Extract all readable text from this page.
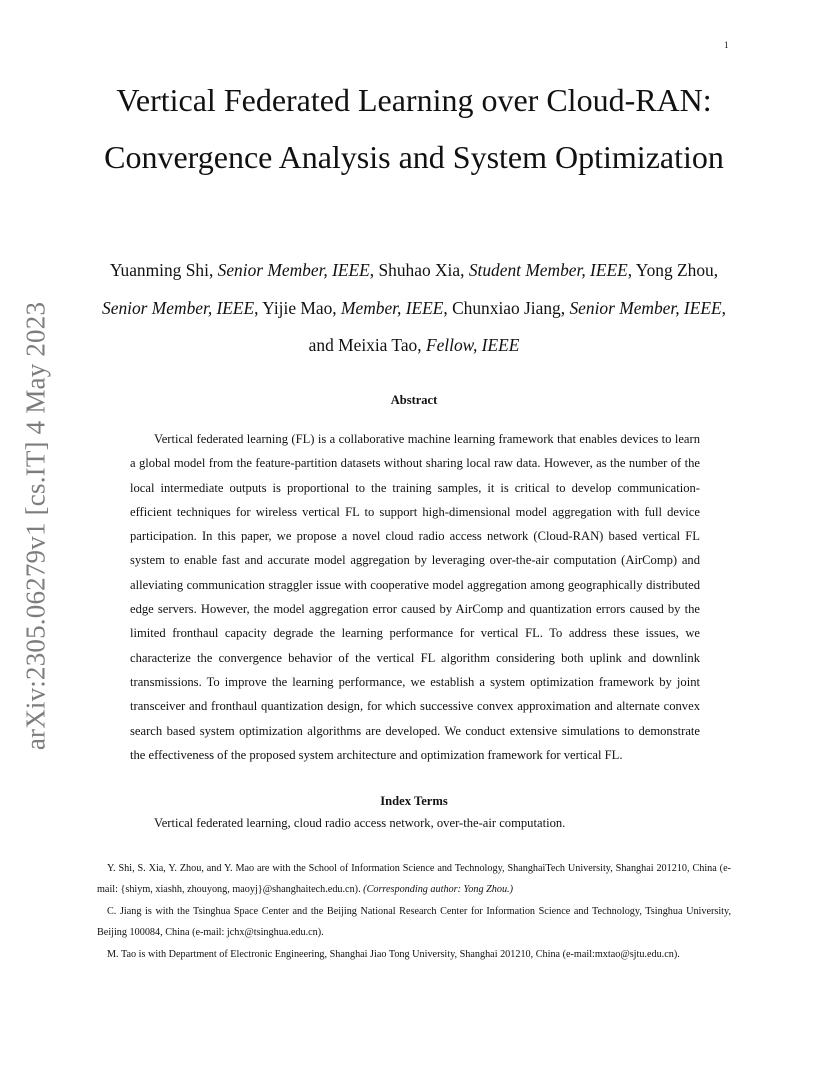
1
arXiv:2305.06279v1 [cs.IT] 4 May 2023
Vertical Federated Learning over Cloud-RAN: Convergence Analysis and System Optimization

Yuanming Shi, Senior Member, IEEE, Shuhao Xia, Student Member, IEEE, Yong Zhou, Senior Member, IEEE, Yijie Mao, Member, IEEE, Chunxiao Jiang, Senior Member, IEEE, and Meixia Tao, Fellow, IEEE

Abstract

Vertical federated learning (FL) is a collaborative machine learning framework that enables devices to learn a global model from the feature-partition datasets without sharing local raw data. However, as the number of the local intermediate outputs is proportional to the training samples, it is critical to develop communication-efficient techniques for wireless vertical FL to support high-dimensional model aggregation with full device participation. In this paper, we propose a novel cloud radio access network (Cloud-RAN) based vertical FL system to enable fast and accurate model aggregation by leveraging over-the-air computation (AirComp) and alleviating communication straggler issue with cooperative model aggregation among geographically distributed edge servers. However, the model aggregation error caused by AirComp and quantization errors caused by the limited fronthaul capacity degrade the learning performance for vertical FL. To address these issues, we characterize the convergence behavior of the vertical FL algorithm considering both uplink and downlink transmissions. To improve the learning performance, we establish a system optimization framework by joint transceiver and fronthaul quantization design, for which successive convex approximation and alternate convex search based system optimization algorithms are developed. We conduct extensive simulations to demonstrate the effectiveness of the proposed system architecture and optimization framework for vertical FL.

Index Terms

Vertical federated learning, cloud radio access network, over-the-air computation.

Y. Shi, S. Xia, Y. Zhou, and Y. Mao are with the School of Information Science and Technology, ShanghaiTech University, Shanghai 201210, China (e-mail: {shiym, xiashh, zhouyong, maoyj}@shanghaitech.edu.cn). (Corresponding author: Yong Zhou.)

C. Jiang is with the Tsinghua Space Center and the Beijing National Research Center for Information Science and Technology, Tsinghua University, Beijing 100084, China (e-mail: jchx@tsinghua.edu.cn).

M. Tao is with Department of Electronic Engineering, Shanghai Jiao Tong University, Shanghai 201210, China (e-mail:mxtao@sjtu.edu.cn).
